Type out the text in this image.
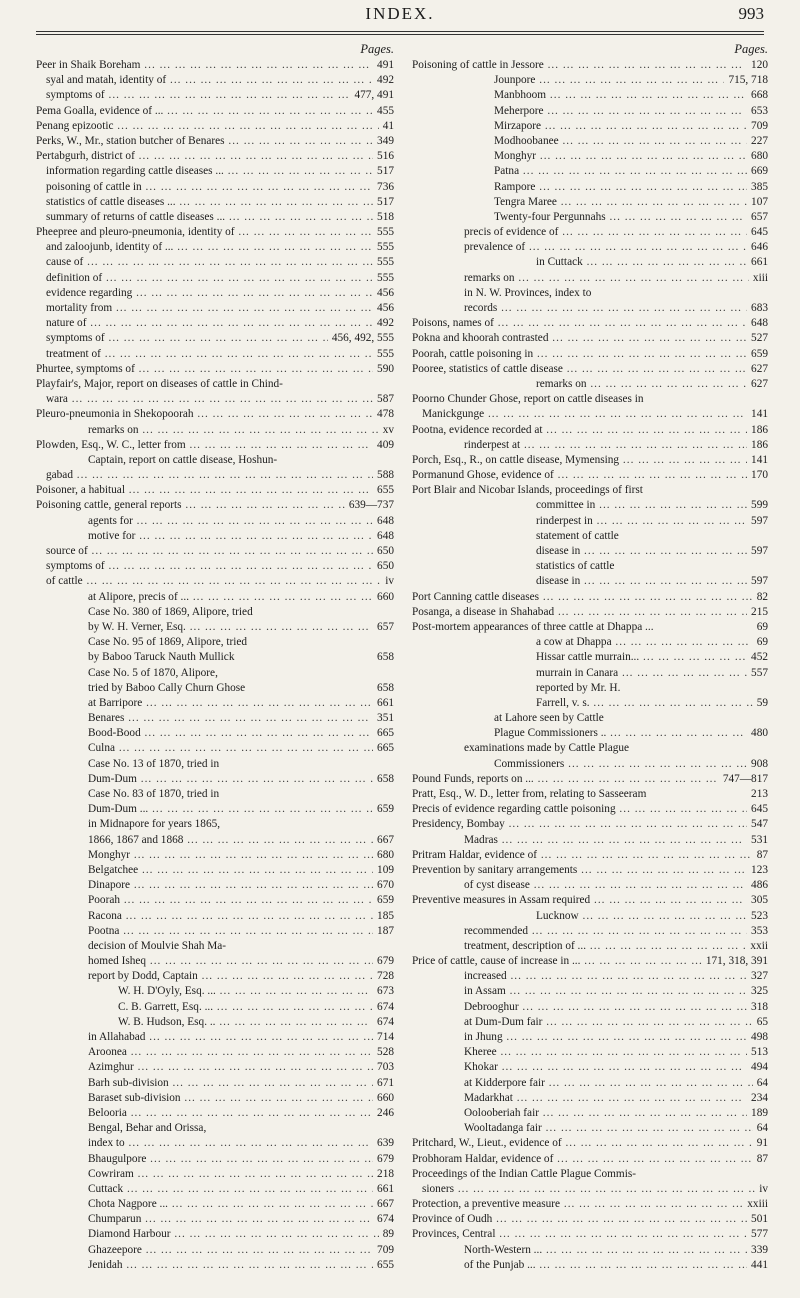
INDEX.	993
Pages.
Peer in Shaik Boreham ... .	491
syal and matah, identity of ... .	492
symptoms of ... .	477, 491
Pema Goalla, evidence of ... ... .	455
Penang epizootic ... .	41
Perks, W., Mr., station butcher of Benares ... .	349
Pertabgurh, district of ... .	516
information regarding cattle diseases ... ... .	517
poisoning of cattle in ... .	736
statistics of cattle diseases ... ... .	517
summary of returns of cattle diseases ... ... .	518
Pheepree and pleuro-pneumonia, identity of ... .	555
and zaloojunb, identity of ... ... .	555
cause of ... .	555
definition of ... .	555
evidence regarding ... .	456
mortality from ... .	456
nature of ... .	492
symptoms of ... .	456, 492, 555
treatment of ... .	555
Phurtee, symptoms of ... .	590
Playfair's, Major, report on diseases of cattle in Chind-
wara ... .	587
Pleuro-pneumonia in Shekopoorah ... .	478
remarks on ... .	xv
Plowden, Esq., W. C., letter from ... .	409
Captain, report on cattle disease, Hoshun-
gabad ... .	588
Poisoner, a habitual ... .	655
Poisoning cattle, general reports ... .	639—737
agents for ... .	648
motive for ... .	648
source of ... .	650
symptoms of ... .	650
of cattle ... .	iv
at Alipore, precis of ... ... .	660
Case No. 380 of 1869, Alipore, tried
by W. H. Verner, Esq. ... .	657
Case No. 95 of 1869, Alipore, tried
by Baboo Taruck Nauth Mullick	658
Case No. 5 of 1870, Alipore,
tried by Baboo Cally Churn Ghose	658
at Barripore ... .	661
Benares ... .	351
Bood-Bood ... .	665
Culna ... .	665
Case No. 13 of 1870, tried in
Dum-Dum ... .	658
Case No. 83 of 1870, tried in
Dum-Dum ... ... .	659
in Midnapore for years 1865,
1866, 1867 and 1868 ... .	667
Monghyr ... .	680
Belgatchee ... .	109
Dinapore ... .	670
Poorah ... .	659
Racona ... .	185
Pootna ... .	187
decision of Moulvie Shah Ma-
homed Isheq ... .	679
report by Dodd, Captain ... .	728
W. H. D'Oyly, Esq. ... ... .	673
C. B. Garrett, Esq. ... ... .	674
W. B. Hudson, Esq. .. ... .	674
in Allahabad ... .	714
Aroonea ... .	528
Azimghur ... .	703
Barh sub-division ... .	671
Baraset sub-division ... .	660
Belooria ... .	246
Bengal, Behar and Orissa,
index to ... .	639
Bhaugulpore ... .	679
Cowriram ... .	218
Cuttack ... .	661
Chota Nagpore ... ... .	667
Chumparun ... .	674
Diamond Harbour ... .	89
Ghazeepore ... .	709
Jenidah ... .	655
Pages.
Poisoning of cattle in Jessore ... .	120
Jounpore ... .	715, 718
Manbhoom ... .	668
Meherpore ... .	653
Mirzapore ... .	709
Modhoobanee ... .	227
Monghyr ... .	680
Patna ... .	669
Rampore ... .	385
Tengra Maree ... .	107
Twenty-four Pergunnahs ... .	657
precis of evidence of ... .	645
prevalence of ... .	646
in Cuttack ... .	661
remarks on ... .	xiii
in N. W. Provinces, index to
records ... .	683
Poisons, names of ... .	648
Pokna and khoorah contrasted ... .	527
Poorah, cattle poisoning in ... .	659
Pooree, statistics of cattle disease ... .	627
remarks on ... .	627
Poorno Chunder Ghose, report on cattle diseases in
Manickgunge ... .	141
Pootna, evidence recorded at ... .	186
rinderpest at ... .	186
Porch, Esq., R., on cattle disease, Mymensing ... .	141
Pormanund Ghose, evidence of ... .	170
Port Blair and Nicobar Islands, proceedings of first
committee in ... .	599
rinderpest in ... .	597
statement of cattle
disease in ... .	597
statistics of cattle
disease in ... .	597
Port Canning cattle diseases ... .	82
Posanga, a disease in Shahabad ... .	215
Post-mortem appearances of three cattle at Dhappa ...	69
a cow at Dhappa ... .	69
Hissar cattle murrain... ... .	452
murrain in Canara ... .	557
reported by Mr. H.
Farrell, v. s. ... .	59
at Lahore seen by Cattle
Plague Commissioners .. ... .	480
examinations made by Cattle Plague
Commissioners ... .	908
Pound Funds, reports on ... ... .	747—817
Pratt, Esq., W. D., letter from, relating to Sasseeram	213
Precis of evidence regarding cattle poisoning ... .	645
Presidency, Bombay ... .	547
Madras ... .	531
Pritram Haldar, evidence of ... .	87
Prevention by sanitary arrangements ... .	123
of cyst disease ... .	486
Preventive measures in Assam required ... .	305
Lucknow ... .	523
recommended ... .	353
treatment, description of ... ... .	xxii
Price of cattle, cause of increase in ... ... .	171, 318, 391
increased ... .	327
in Assam ... .	325
Debrooghur ... .	318
at Dum-Dum fair ... .	65
in Jhung ... .	498
Kheree ... .	513
Khokar ... .	494
at Kidderpore fair ... .	64
Madarkhat ... .	234
Oolooberiah fair ... .	189
Wooltadanga fair ... .	64
Pritchard, W., Lieut., evidence of ... .	91
Probhoram Haldar, evidence of ... .	87
Proceedings of the Indian Cattle Plague Commis-
sioners ... .	iv
Protection, a preventive measure ... .	xxiii
Province of Oudh ... .	501
Provinces, Central ... .	577
North-Western ... ... .	339
of the Punjab ... ... .	441
